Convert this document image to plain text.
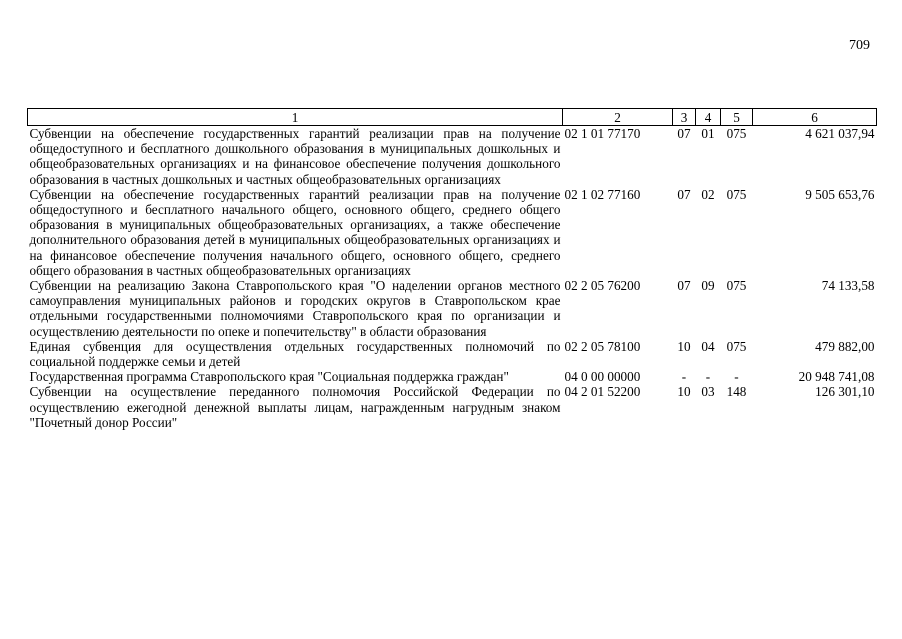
709
1	2	3	4	5	6
Субвенции на обеспечение государственных гарантий реализации прав на получение общедоступного и бесплатного дошкольного образования в муниципальных дошкольных и общеобразовательных организациях и на финансовое обеспечение получения дошкольного образования в частных дошкольных и частных общеобразовательных организациях	02 1 01 77170	07	01	075	4 621 037,94
Субвенции на обеспечение государственных гарантий реализации прав на получение общедоступного и бесплатного начального общего, основного общего, среднего общего образования в муниципальных общеобразовательных организациях, а также обеспечение дополнительного образования детей в муниципальных общеобразовательных организациях и на финансовое обеспечение получения начального общего, основного общего, среднего общего образования в частных общеобразовательных организациях	02 1 02 77160	07	02	075	9 505 653,76
Субвенции на реализацию Закона Ставропольского края "О наделении органов местного самоуправления муниципальных районов и городских округов в Ставропольском крае отдельными государственными полномочиями Ставропольского края по организации и осуществлению деятельности по опеке и попечительству" в области образования	02 2 05 76200	07	09	075	74 133,58
Единая субвенция для осуществления отдельных государственных полномочий по социальной поддержке семьи и детей	02 2 05 78100	10	04	075	479 882,00
Государственная программа Ставропольского края "Социальная поддержка граждан"	04 0 00 00000	-	-	-	20 948 741,08
Субвенции на осуществление переданного полномочия Российской Федерации по осуществлению ежегодной денежной выплаты лицам, награжденным нагрудным знаком "Почетный донор России"	04 2 01 52200	10	03	148	126 301,10
